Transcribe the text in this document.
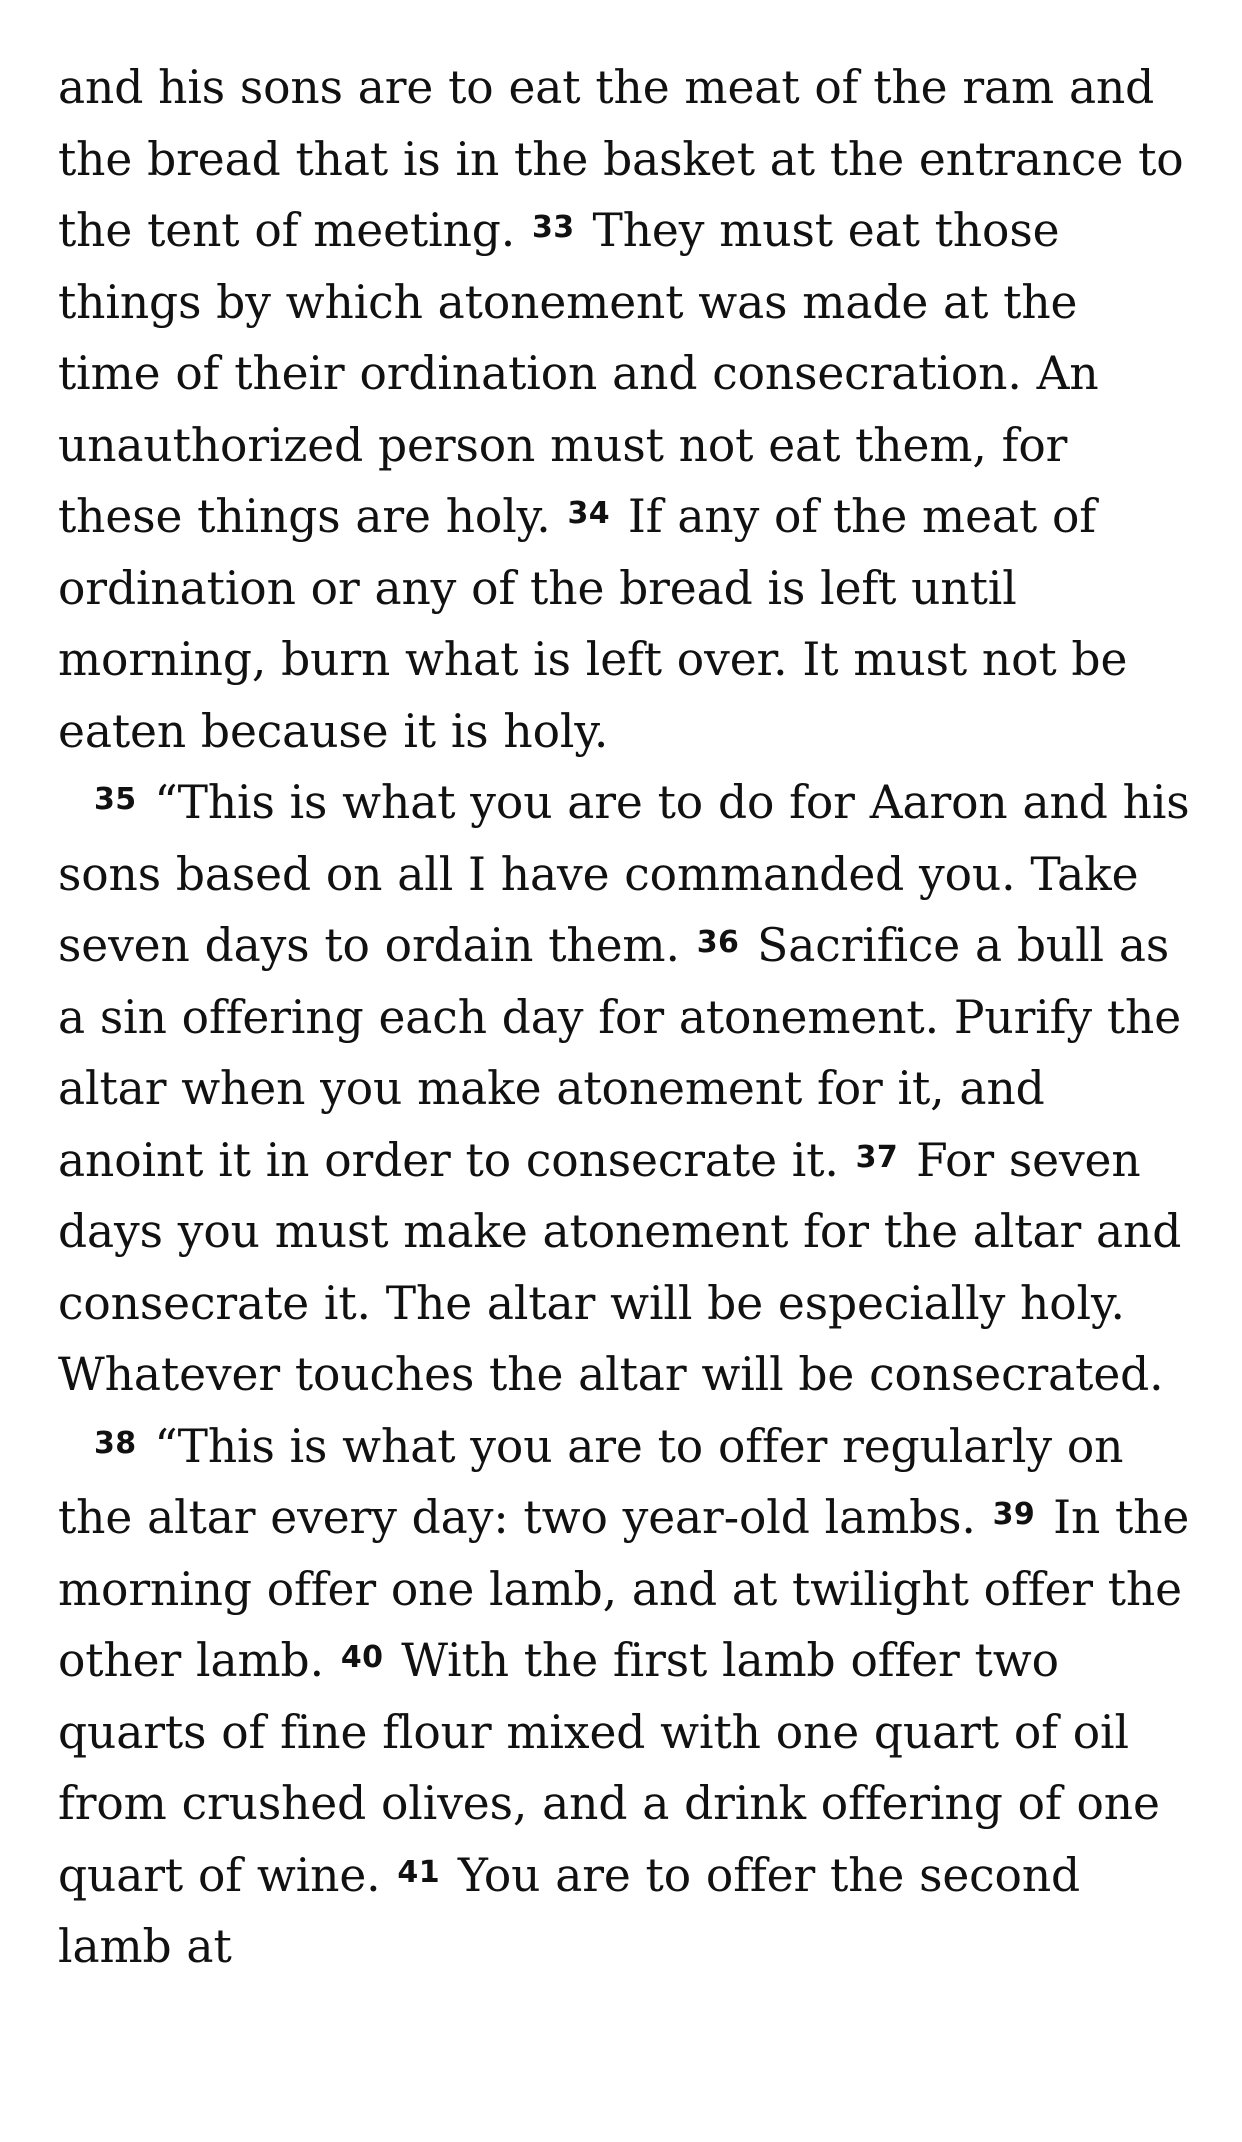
and his sons are to eat the meat of the ram and the bread that is in the basket at the entrance to the tent of meeting. $^{33}$ They must eat those things by which atonement was made at the time of their ordination and consecration. An unauthorized person must not eat them, for these things are holy. $^{34}$ If any of the meat of ordination or any of the bread is left until morning, burn what is left over. It must not be eaten because it is holy.

$^{35}$ “This is what you are to do for Aaron and his sons based on all I have commanded you. Take seven days to ordain them. $^{36}$ Sacrifice a bull as a sin offering each day for atonement. Purify the altar when you make atonement for it, and anoint it in order to consecrate it. $^{37}$ For seven days you must make atonement for the altar and consecrate it. The altar will be especially holy. Whatever touches the altar will be consecrated.

$^{38}$ “This is what you are to offer regularly on the altar every day: two year-old lambs. $^{39}$ In the morning offer one lamb, and at twilight offer the other lamb. $^{40}$ With the first lamb offer two quarts of fine flour mixed with one quart of oil from crushed olives, and a drink offering of one quart of wine. $^{41}$ You are to offer the second lamb at
